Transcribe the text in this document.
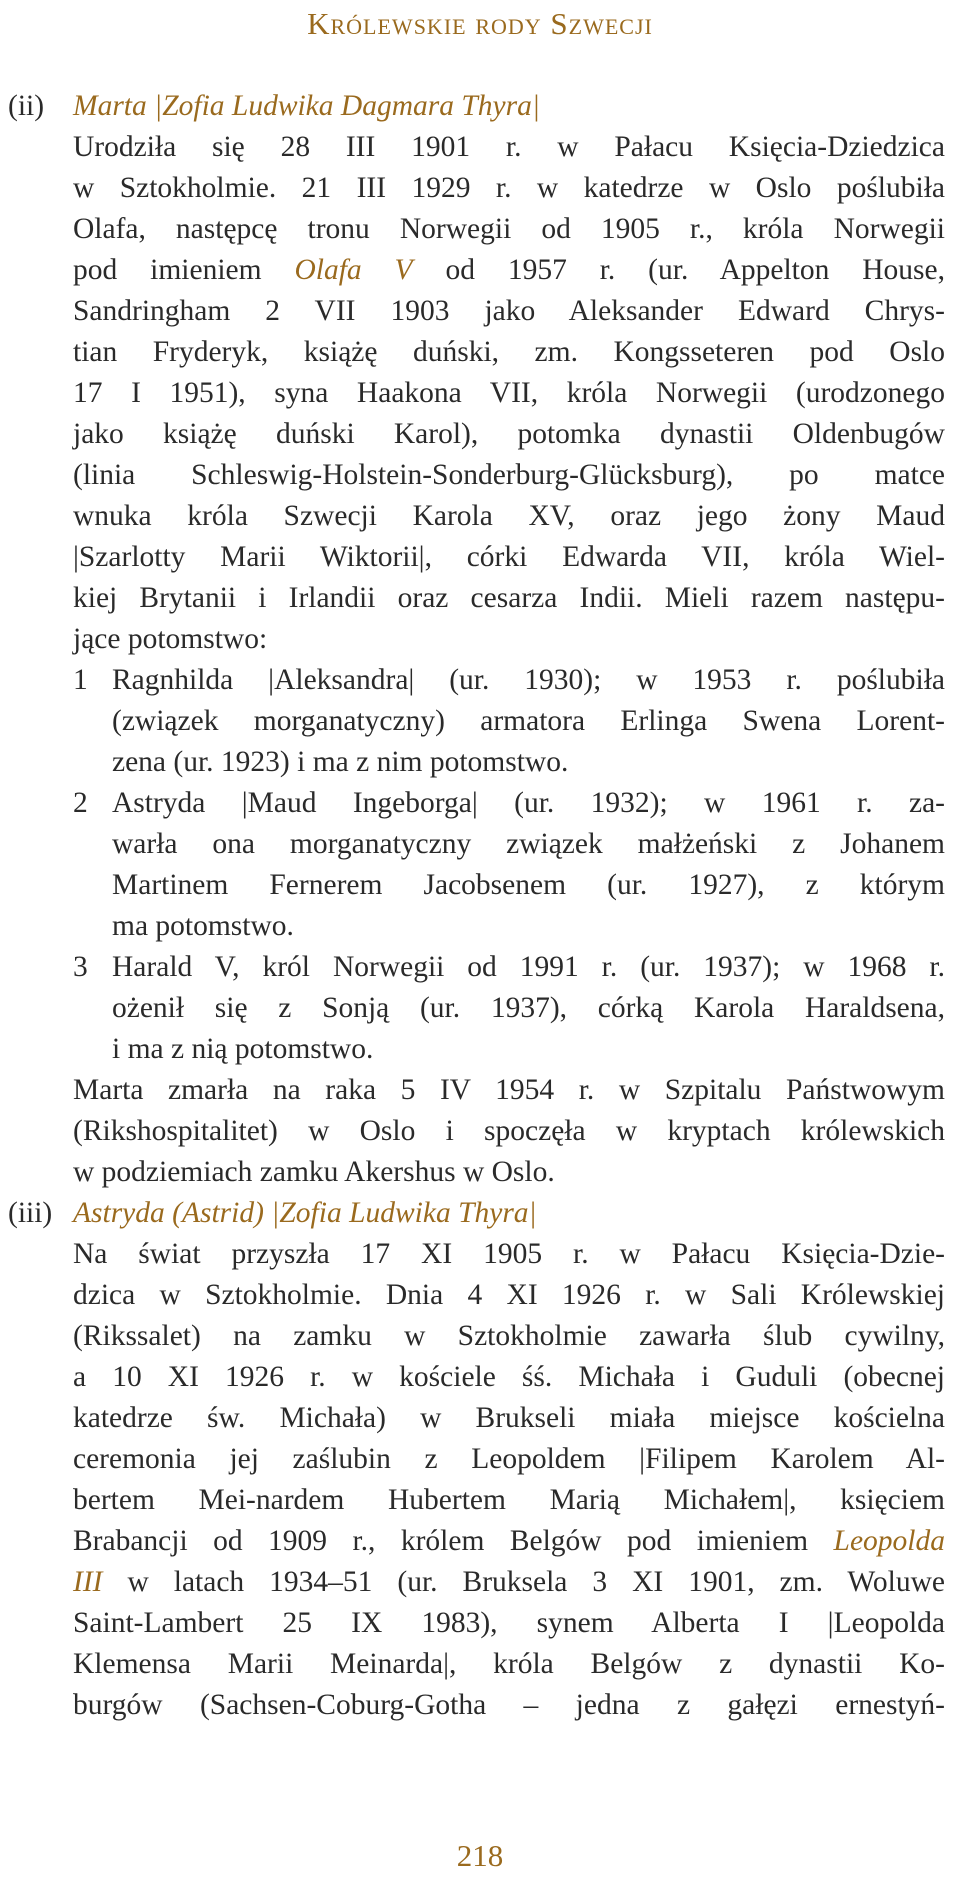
Królewskie rody Szwecji
(ii) Marta |Zofia Ludwika Dagmara Thyra|
Urodziła się 28 III 1901 r. w Pałacu Księcia-Dziedzica
w Sztokholmie. 21 III 1929 r. w katedrze w Oslo poślubiła
Olafa, następcę tronu Norwegii od 1905 r., króla Norwegii
pod imieniem Olafa V od 1957 r. (ur. Appelton House,
Sandringham 2 VII 1903 jako Aleksander Edward Chrys-
tian Fryderyk, książę duński, zm. Kongsseteren pod Oslo
17 I 1951), syna Haakona VII, króla Norwegii (urodzonego
jako książę duński Karol), potomka dynastii Oldenbugów
(linia Schleswig-Holstein-Sonderburg-Glücksburg), po matce
wnuka króla Szwecji Karola XV, oraz jego żony Maud
|Szarlotty Marii Wiktorii|, córki Edwarda VII, króla Wiel-
kiej Brytanii i Irlandii oraz cesarza Indii. Mieli razem następu-
jące potomstwo:
1 Ragnhilda |Aleksandra| (ur. 1930); w 1953 r. poślubiła
(związek morganatyczny) armatora Erlinga Swena Lorent-
zena (ur. 1923) i ma z nim potomstwo.
2 Astryda |Maud Ingeborga| (ur. 1932); w 1961 r. za-
warła ona morganatyczny związek małżeński z Johanem
Martinem Fernerem Jacobsenem (ur. 1927), z którym
ma potomstwo.
3 Harald V, król Norwegii od 1991 r. (ur. 1937); w 1968 r.
ożenił się z Sonją (ur. 1937), córką Karola Haraldsena,
i ma z nią potomstwo.
Marta zmarła na raka 5 IV 1954 r. w Szpitalu Państwowym
(Rikshospitalitet) w Oslo i spoczęła w kryptach królewskich
w podziemiach zamku Akershus w Oslo.
(iii) Astryda (Astrid) |Zofia Ludwika Thyra|
Na świat przyszła 17 XI 1905 r. w Pałacu Księcia-Dzie-
dzica w Sztokholmie. Dnia 4 XI 1926 r. w Sali Królewskiej
(Rikssalet) na zamku w Sztokholmie zawarła ślub cywilny,
a 10 XI 1926 r. w kościele śś. Michała i Guduli (obecnej
katedrze św. Michała) w Brukseli miała miejsce kościelna
ceremonia jej zaślubin z Leopoldem |Filipem Karolem Al-
bertem Mei-nardem Hubertem Marią Michałem|, księciem
Brabancji od 1909 r., królem Belgów pod imieniem Leopolda
III w latach 1934–51 (ur. Bruksela 3 XI 1901, zm. Woluwe
Saint-Lambert 25 IX 1983), synem Alberta I |Leopolda
Klemensa Marii Meinarda|, króla Belgów z dynastii Ko-
burgów (Sachsen-Coburg-Gotha – jedna z gałęzi ernestyń-
218
